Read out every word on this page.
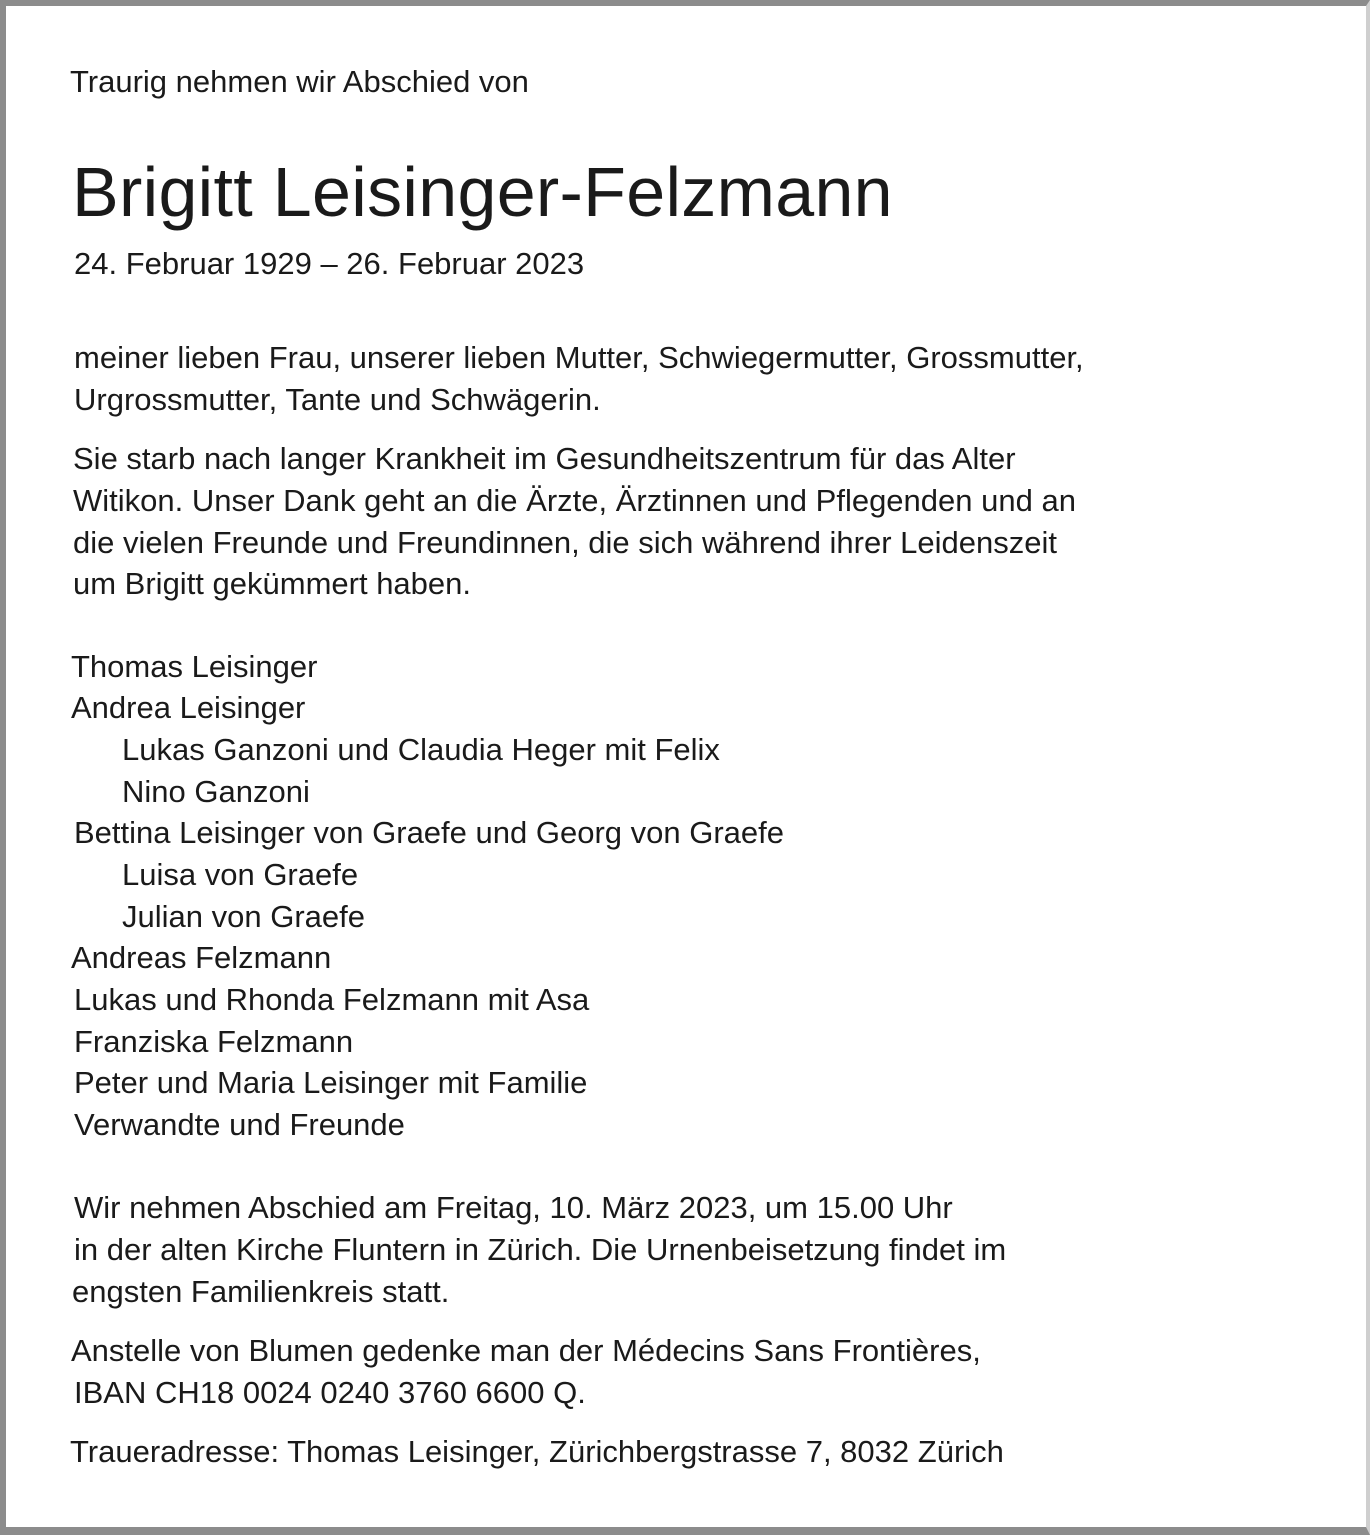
Traurig nehmen wir Abschied von

Brigitt Leisinger-Felzmann

24. Februar 1929 – 26. Februar 2023

meiner lieben Frau, unserer lieben Mutter, Schwiegermutter, Grossmutter,

Urgrossmutter, Tante und Schwägerin.

Sie starb nach langer Krankheit im Gesundheitszentrum für das Alter

Witikon. Unser Dank geht an die Ärzte, Ärztinnen und Pflegenden und an

die vielen Freunde und Freundinnen, die sich während ihrer Leidenszeit

um Brigitt gekümmert haben.

Thomas Leisinger

Andrea Leisinger

Lukas Ganzoni und Claudia Heger mit Felix

Nino Ganzoni

Bettina Leisinger von Graefe und Georg von Graefe

Luisa von Graefe

Julian von Graefe

Andreas Felzmann

Lukas und Rhonda Felzmann mit Asa

Franziska Felzmann

Peter und Maria Leisinger mit Familie

Verwandte und Freunde

Wir nehmen Abschied am Freitag, 10. März 2023, um 15.00 Uhr

in der alten Kirche Fluntern in Zürich. Die Urnenbeisetzung findet im

engsten Familienkreis statt.

Anstelle von Blumen gedenke man der Médecins Sans Frontières,

IBAN CH18 0024 0240 3760 6600 Q.

Traueradresse: Thomas Leisinger, Zürichbergstrasse 7, 8032 Zürich
